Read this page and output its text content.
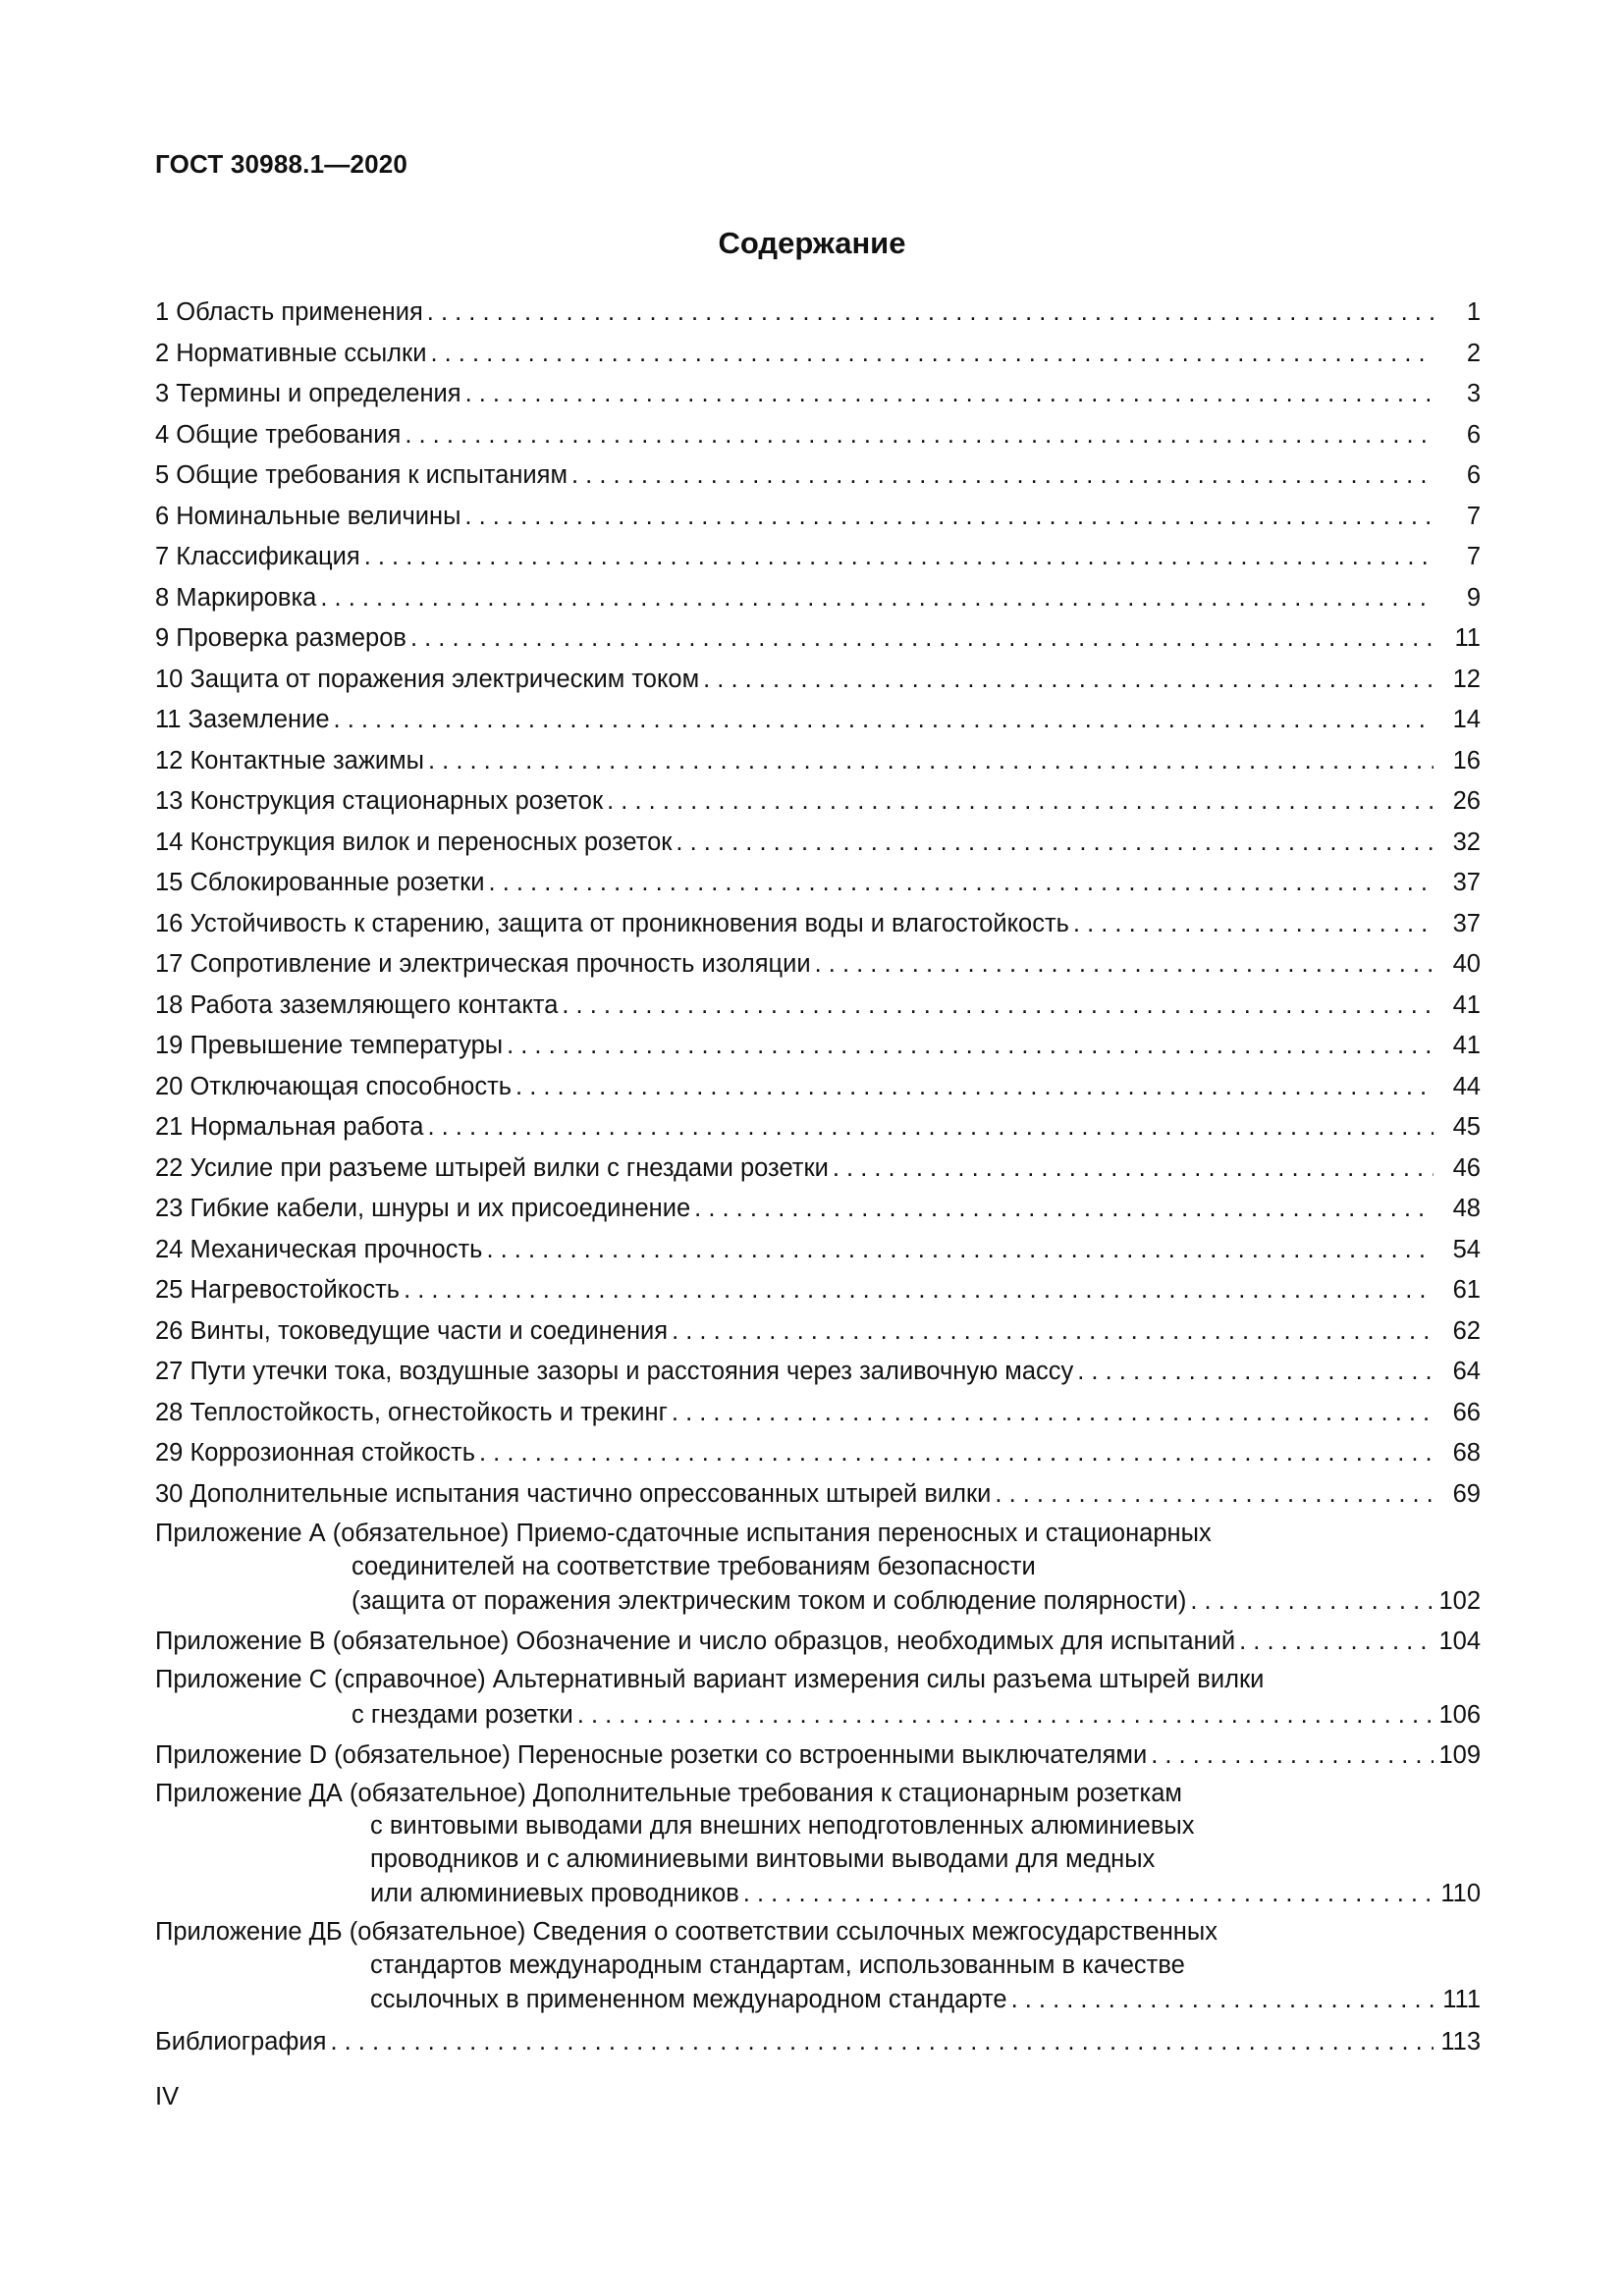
ГОСТ 30988.1—2020
Содержание
1 Область применения . . .	1
2 Нормативные ссылки . . .	2
3 Термины и определения . . .	3
4 Общие требования . . .	6
5 Общие требования к испытаниям . . .	6
6 Номинальные величины . . .	7
7 Классификация . . .	7
8 Маркировка . . .	9
9 Проверка размеров . . .	11
10 Защита от поражения электрическим током . . .	12
11 Заземление . . .	14
12 Контактные зажимы . . .	16
13 Конструкция стационарных розеток . . .	26
14 Конструкция вилок и переносных розеток . . .	32
15 Сблокированные розетки . . .	37
16 Устойчивость к старению, защита от проникновения воды и влагостойкость . . .	37
17 Сопротивление и электрическая прочность изоляции . . .	40
18 Работа заземляющего контакта . . .	41
19 Превышение температуры . . .	41
20 Отключающая способность . . .	44
21 Нормальная работа . . .	45
22 Усилие при разъеме штырей вилки с гнездами розетки . . .	46
23 Гибкие кабели, шнуры и их присоединение . . .	48
24 Механическая прочность . . .	54
25 Нагревостойкость . . .	61
26 Винты, токоведущие части и соединения . . .	62
27 Пути утечки тока, воздушные зазоры и расстояния через заливочную массу . . .	64
28 Теплостойкость, огнестойкость и трекинг . . .	66
29 Коррозионная стойкость . . .	68
30 Дополнительные испытания частично опрессованных штырей вилки . . .	69
Приложение А (обязательное) Приемо-сдаточные испытания переносных и стационарных
соединителей на соответствие требованиям безопасности
(защита от поражения электрическим током и соблюдение полярности) . . .	102
Приложение В (обязательное) Обозначение и число образцов, необходимых для испытаний . . .	104
Приложение С (справочное) Альтернативный вариант измерения силы разъема штырей вилки
с гнездами розетки . . .	106
Приложение D (обязательное) Переносные розетки со встроенными выключателями . . .	109
Приложение ДА (обязательное) Дополнительные требования к стационарным розеткам
с винтовыми выводами для внешних неподготовленных алюминиевых
проводников и с алюминиевыми винтовыми выводами для медных
или алюминиевых проводников . . .	110
Приложение ДБ (обязательное) Сведения о соответствии ссылочных межгосударственных
стандартов международным стандартам, использованным в качестве
ссылочных в примененном международном стандарте . . .	111
Библиография . . .	113
IV
